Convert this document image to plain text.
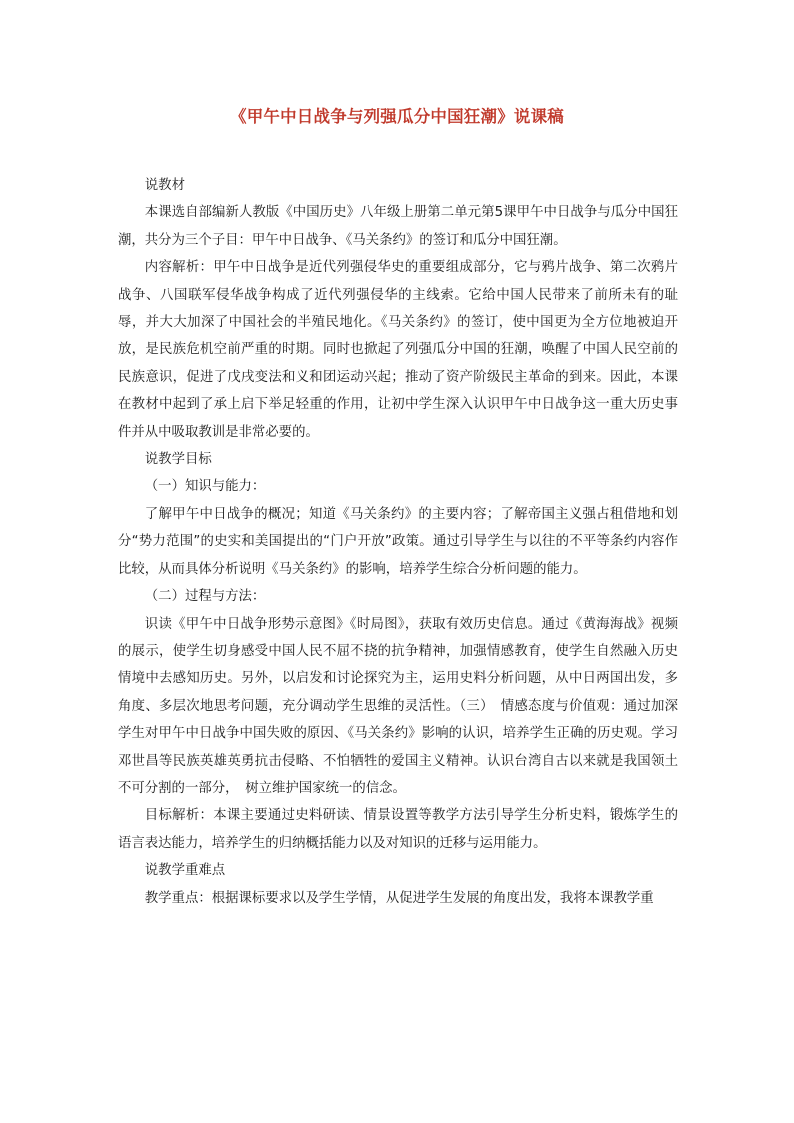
《甲午中日战争与列强瓜分中国狂潮》说课稿

说教材

本课选自部编新人教版《中国历史》八年级上册第二单元第5课甲午中日战争与瓜分中国狂潮，共分为三个子目：甲午中日战争、《马关条约》的签订和瓜分中国狂潮。

内容解析：甲午中日战争是近代列强侵华史的重要组成部分，它与鸦片战争、第二次鸦片战争、八国联军侵华战争构成了近代列强侵华的主线索。它给中国人民带来了前所未有的耻辱，并大大加深了中国社会的半殖民地化。《马关条约》的签订，使中国更为全方位地被迫开放，是民族危机空前严重的时期。同时也掀起了列强瓜分中国的狂潮，唤醒了中国人民空前的民族意识，促进了戊戌变法和义和团运动兴起；推动了资产阶级民主革命的到来。因此，本课在教材中起到了承上启下举足轻重的作用，让初中学生深入认识甲午中日战争这一重大历史事件并从中吸取教训是非常必要的。

说教学目标

（一）知识与能力：

了解甲午中日战争的概况；知道《马关条约》的主要内容；了解帝国主义强占租借地和划分“势力范围”的史实和美国提出的“门户开放”政策。通过引导学生与以往的不平等条约内容作比较，从而具体分析说明《马关条约》的影响，培养学生综合分析问题的能力。

（二）过程与方法：

识读《甲午中日战争形势示意图》《时局图》，获取有效历史信息。通过《黄海海战》视频的展示，使学生切身感受中国人民不屈不挠的抗争精神，加强情感教育，使学生自然融入历史情境中去感知历史。另外，以启发和讨论探究为主，运用史料分析问题，从中日两国出发，多角度、多层次地思考问题，充分调动学生思维的灵活性。（三）　情感态度与价值观：通过加深学生对甲午中日战争中国失败的原因、《马关条约》影响的认识，培养学生正确的历史观。学习邓世昌等民族英雄英勇抗击侵略、不怕牺牲的爱国主义精神。认识台湾自古以来就是我国领土不可分割的一部分，　树立维护国家统一的信念。

目标解析：本课主要通过史料研读、情景设置等教学方法引导学生分析史料，锻炼学生的语言表达能力，培养学生的归纳概括能力以及对知识的迁移与运用能力。

说教学重难点

教学重点：根据课标要求以及学生学情，从促进学生发展的角度出发，我将本课教学重
